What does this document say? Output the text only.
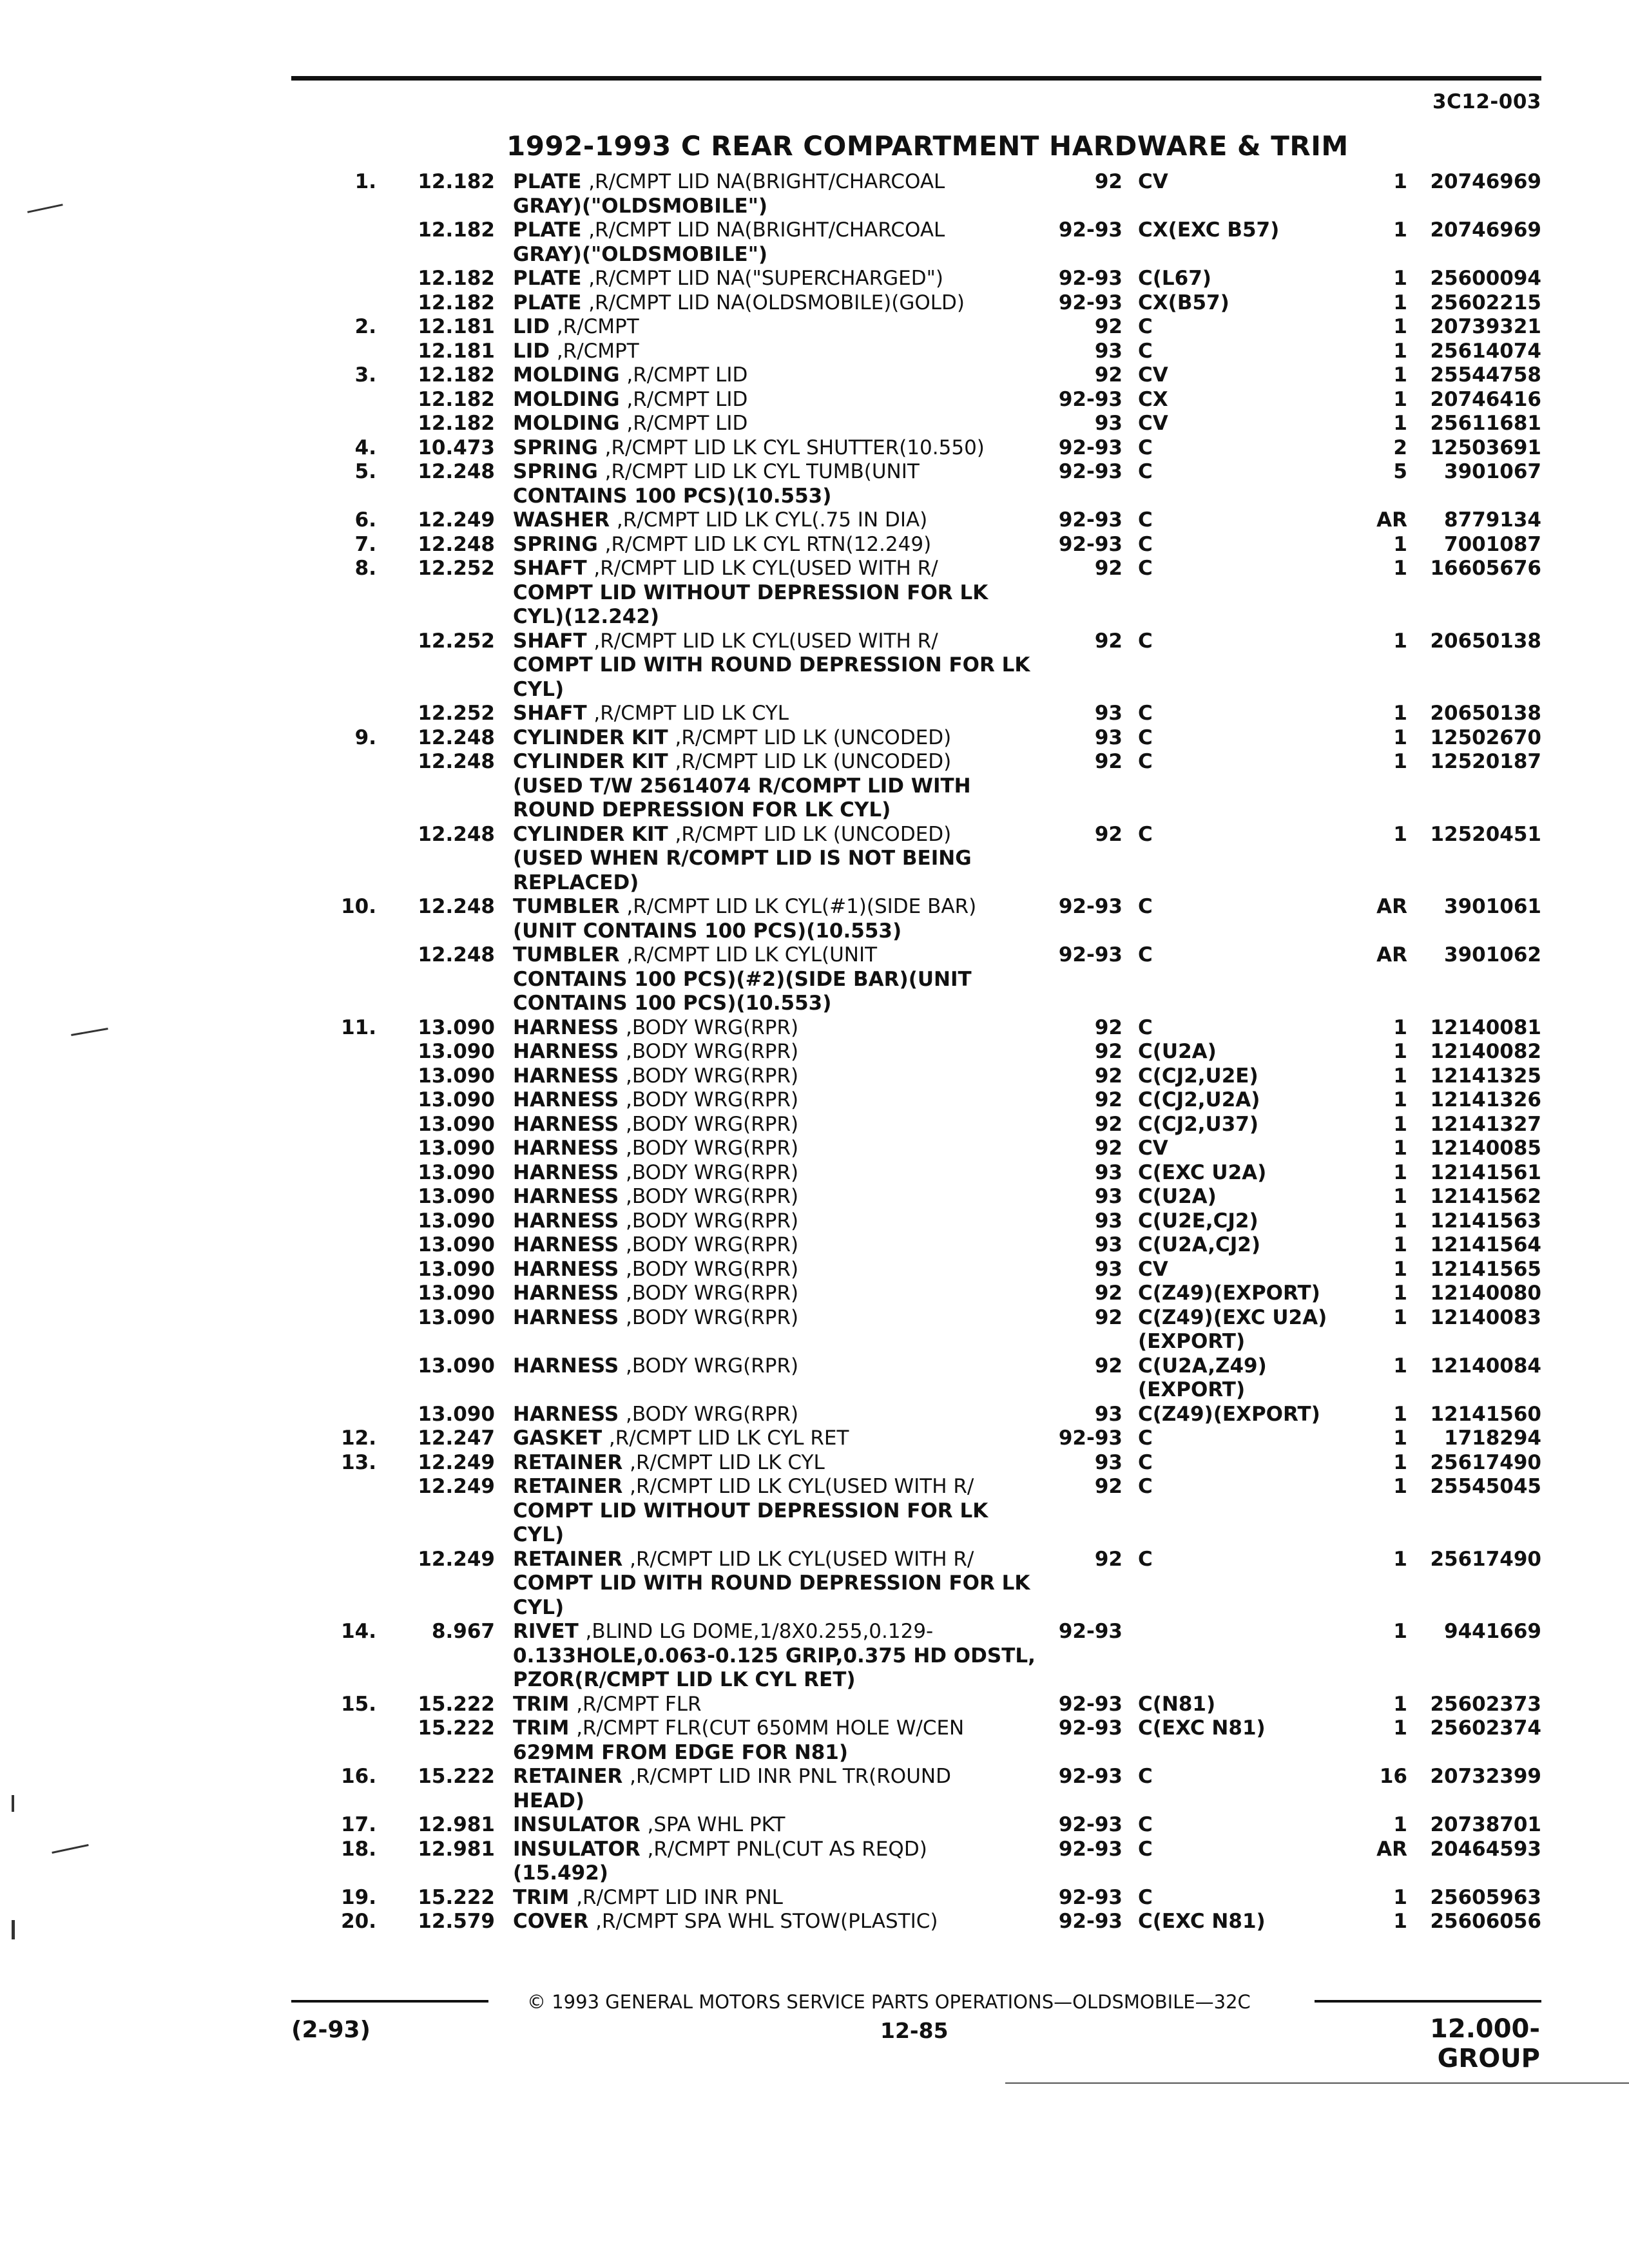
3C12-003
1992-1993 C REAR COMPARTMENT HARDWARE & TRIM
1.	12.182 PLATE ,R/CMPT LID NA(BRIGHT/CHARCOAL
GRAY)("OLDSMOBILE")
92 CV	1	20746969
12.182 PLATE ,R/CMPT LID NA(BRIGHT/CHARCOAL
GRAY)("OLDSMOBILE")
92-93 CX(EXC B57)	1	20746969
12.182 PLATE ,R/CMPT LID NA("SUPERCHARGED")	92-93 C(L67)	1	25600094
12.182 PLATE ,R/CMPT LID NA(OLDSMOBILE)(GOLD)	92-93 CX(B57)	1	25602215
2.	12.181 LID ,R/CMPT	92 C	1	20739321
12.181 LID ,R/CMPT	93 C	1	25614074
3.	12.182 MOLDING ,R/CMPT LID	92 CV	1	25544758
12.182 MOLDING ,R/CMPT LID	92-93 CX	1	20746416
12.182 MOLDING ,R/CMPT LID	93 CV	1	25611681
4.	10.473 SPRING ,R/CMPT LID LK CYL SHUTTER(10.550)	92-93 C	2	12503691
5.	12.248 SPRING ,R/CMPT LID LK CYL TUMB(UNIT
CONTAINS 100 PCS)(10.553)
92-93 C	5	3901067
6.	12.249 WASHER ,R/CMPT LID LK CYL(.75 IN DIA)	92-93 C	AR	8779134
7.	12.248 SPRING ,R/CMPT LID LK CYL RTN(12.249)	92-93 C	1	7001087
8.	12.252 SHAFT ,R/CMPT LID LK CYL(USED WITH R/
COMPT LID WITHOUT DEPRESSION FOR LK
CYL)(12.242)
92 C	1	16605676
12.252 SHAFT ,R/CMPT LID LK CYL(USED WITH R/
COMPT LID WITH ROUND DEPRESSION FOR LK
CYL)
92 C	1	20650138
12.252 SHAFT ,R/CMPT LID LK CYL	93 C	1	20650138
9.	12.248 CYLINDER KIT ,R/CMPT LID LK (UNCODED)	93 C	1	12502670
12.248 CYLINDER KIT ,R/CMPT LID LK (UNCODED)
(USED T/W 25614074 R/COMPT LID WITH
ROUND DEPRESSION FOR LK CYL)
92 C	1	12520187
12.248 CYLINDER KIT ,R/CMPT LID LK (UNCODED)
(USED WHEN R/COMPT LID IS NOT BEING
REPLACED)
92 C	1	12520451
10.	12.248 TUMBLER ,R/CMPT LID LK CYL(#1)(SIDE BAR)
(UNIT CONTAINS 100 PCS)(10.553)
92-93 C	AR	3901061
12.248 TUMBLER ,R/CMPT LID LK CYL(UNIT
CONTAINS 100 PCS)(#2)(SIDE BAR)(UNIT
CONTAINS 100 PCS)(10.553)
92-93 C	AR	3901062
11.	13.090 HARNESS ,BODY WRG(RPR)	92 C	1	12140081
13.090 HARNESS ,BODY WRG(RPR)	92 C(U2A)	1	12140082
13.090 HARNESS ,BODY WRG(RPR)	92 C(CJ2,U2E)	1	12141325
13.090 HARNESS ,BODY WRG(RPR)	92 C(CJ2,U2A)	1	12141326
13.090 HARNESS ,BODY WRG(RPR)	92 C(CJ2,U37)	1	12141327
13.090 HARNESS ,BODY WRG(RPR)	92 CV	1	12140085
13.090 HARNESS ,BODY WRG(RPR)	93 C(EXC U2A)	1	12141561
13.090 HARNESS ,BODY WRG(RPR)	93 C(U2A)	1	12141562
13.090 HARNESS ,BODY WRG(RPR)	93 C(U2E,CJ2)	1	12141563
13.090 HARNESS ,BODY WRG(RPR)	93 C(U2A,CJ2)	1	12141564
13.090 HARNESS ,BODY WRG(RPR)	93 CV	1	12141565
13.090 HARNESS ,BODY WRG(RPR)	92 C(Z49)(EXPORT)	1	12140080
13.090 HARNESS ,BODY WRG(RPR)	92 C(Z49)(EXC U2A)
(EXPORT)
1	12140083
13.090 HARNESS ,BODY WRG(RPR)	92 C(U2A,Z49)
(EXPORT)
1	12140084
13.090 HARNESS ,BODY WRG(RPR)	93 C(Z49)(EXPORT)	1	12141560
12.	12.247 GASKET ,R/CMPT LID LK CYL RET	92-93 C	1	1718294
13.	12.249 RETAINER ,R/CMPT LID LK CYL	93 C	1	25617490
12.249 RETAINER ,R/CMPT LID LK CYL(USED WITH R/
COMPT LID WITHOUT DEPRESSION FOR LK
CYL)
92 C	1	25545045
12.249 RETAINER ,R/CMPT LID LK CYL(USED WITH R/
COMPT LID WITH ROUND DEPRESSION FOR LK
CYL)
92 C	1	25617490
14.	8.967 RIVET ,BLIND LG DOME,1/8X0.255,0.129-
0.133HOLE,0.063-0.125 GRIP,0.375 HD ODSTL,
PZOR(R/CMPT LID LK CYL RET)
92-93	1	9441669
15.	15.222 TRIM ,R/CMPT FLR	92-93 C(N81)	1	25602373
15.222 TRIM ,R/CMPT FLR(CUT 650MM HOLE W/CEN
629MM FROM EDGE FOR N81)
92-93 C(EXC N81)	1	25602374
16.	15.222 RETAINER ,R/CMPT LID INR PNL TR(ROUND
HEAD)
92-93 C	16	20732399
17.	12.981 INSULATOR ,SPA WHL PKT	92-93 C	1	20738701
18.	12.981 INSULATOR ,R/CMPT PNL(CUT AS REQD)
(15.492)
92-93 C	AR	20464593
19.	15.222 TRIM ,R/CMPT LID INR PNL	92-93 C	1	25605963
20.	12.579 COVER ,R/CMPT SPA WHL STOW(PLASTIC)	92-93 C(EXC N81)	1	25606056
© 1993 GENERAL MOTORS SERVICE PARTS OPERATIONS—OLDSMOBILE—32C
(2-93)	12-85	12.000-GROUP
